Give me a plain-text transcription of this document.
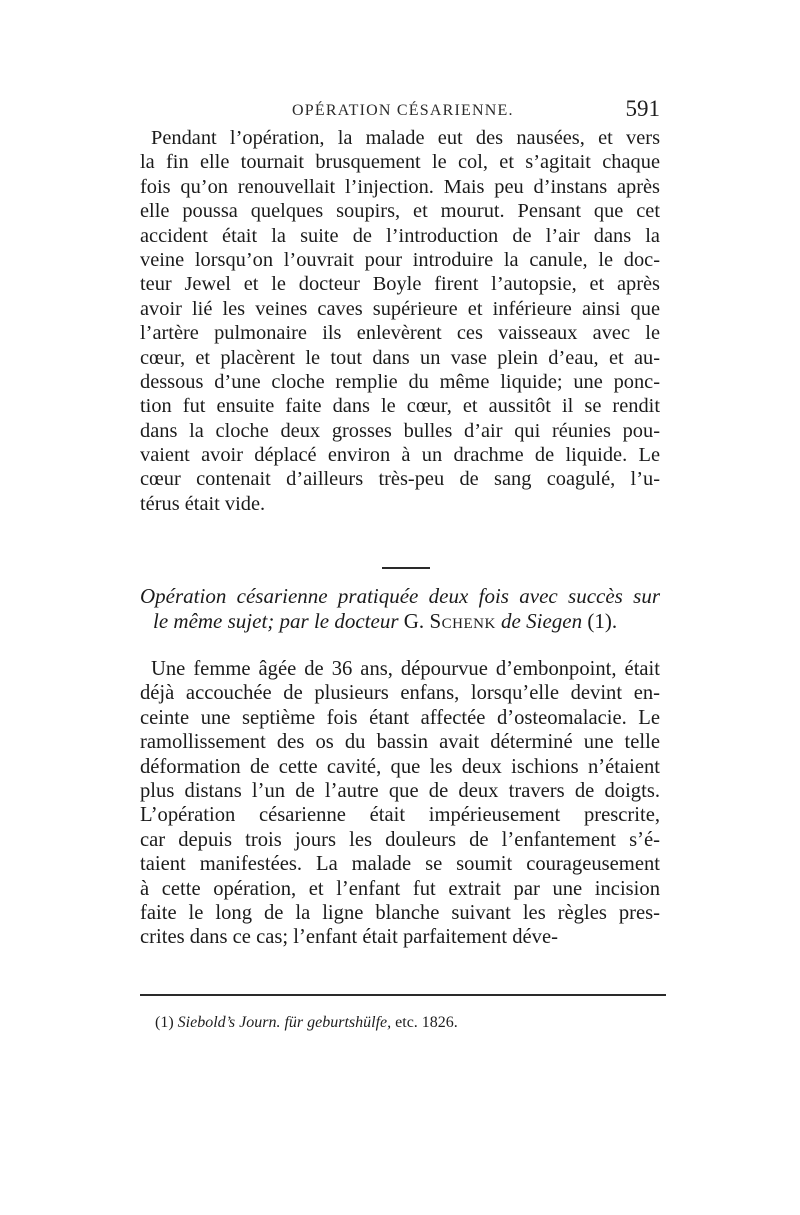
OPÉRATION CÉSARIENNE.	591
Pendant l’opération, la malade eut des nausées, et vers
la fin elle tournait brusquement le col, et s’agitait chaque
fois qu’on renouvellait l’injection. Mais peu d’instans après
elle poussa quelques soupirs, et mourut. Pensant que cet
accident était la suite de l’introduction de l’air dans la
veine lorsqu’on l’ouvrait pour introduire la canule, le doc-
teur Jewel et le docteur Boyle firent l’autopsie, et après
avoir lié les veines caves supérieure et inférieure ainsi que
l’artère pulmonaire ils enlevèrent ces vaisseaux avec le
cœur, et placèrent le tout dans un vase plein d’eau, et au-
dessous d’une cloche remplie du même liquide; une ponc-
tion fut ensuite faite dans le cœur, et aussitôt il se rendit
dans la cloche deux grosses bulles d’air qui réunies pou-
vaient avoir déplacé environ à un drachme de liquide. Le
cœur contenait d’ailleurs très-peu de sang coagulé, l’u-
térus était vide.
Opération césarienne pratiquée deux fois avec succès sur
le même sujet; par le docteur G. Schenk de Siegen (1).
Une femme âgée de 36 ans, dépourvue d’embonpoint, était
déjà accouchée de plusieurs enfans, lorsqu’elle devint en-
ceinte une septième fois étant affectée d’osteomalacie. Le
ramollissement des os du bassin avait déterminé une telle
déformation de cette cavité, que les deux ischions n’étaient
plus distans l’un de l’autre que de deux travers de doigts.
L’opération césarienne était impérieusement prescrite,
car depuis trois jours les douleurs de l’enfantement s’é-
taient manifestées. La malade se soumit courageusement
à cette opération, et l’enfant fut extrait par une incision
faite le long de la ligne blanche suivant les règles pres-
crites dans ce cas; l’enfant était parfaitement déve-
(1) Siebold’s Journ. für geburtshülfe, etc. 1826.
